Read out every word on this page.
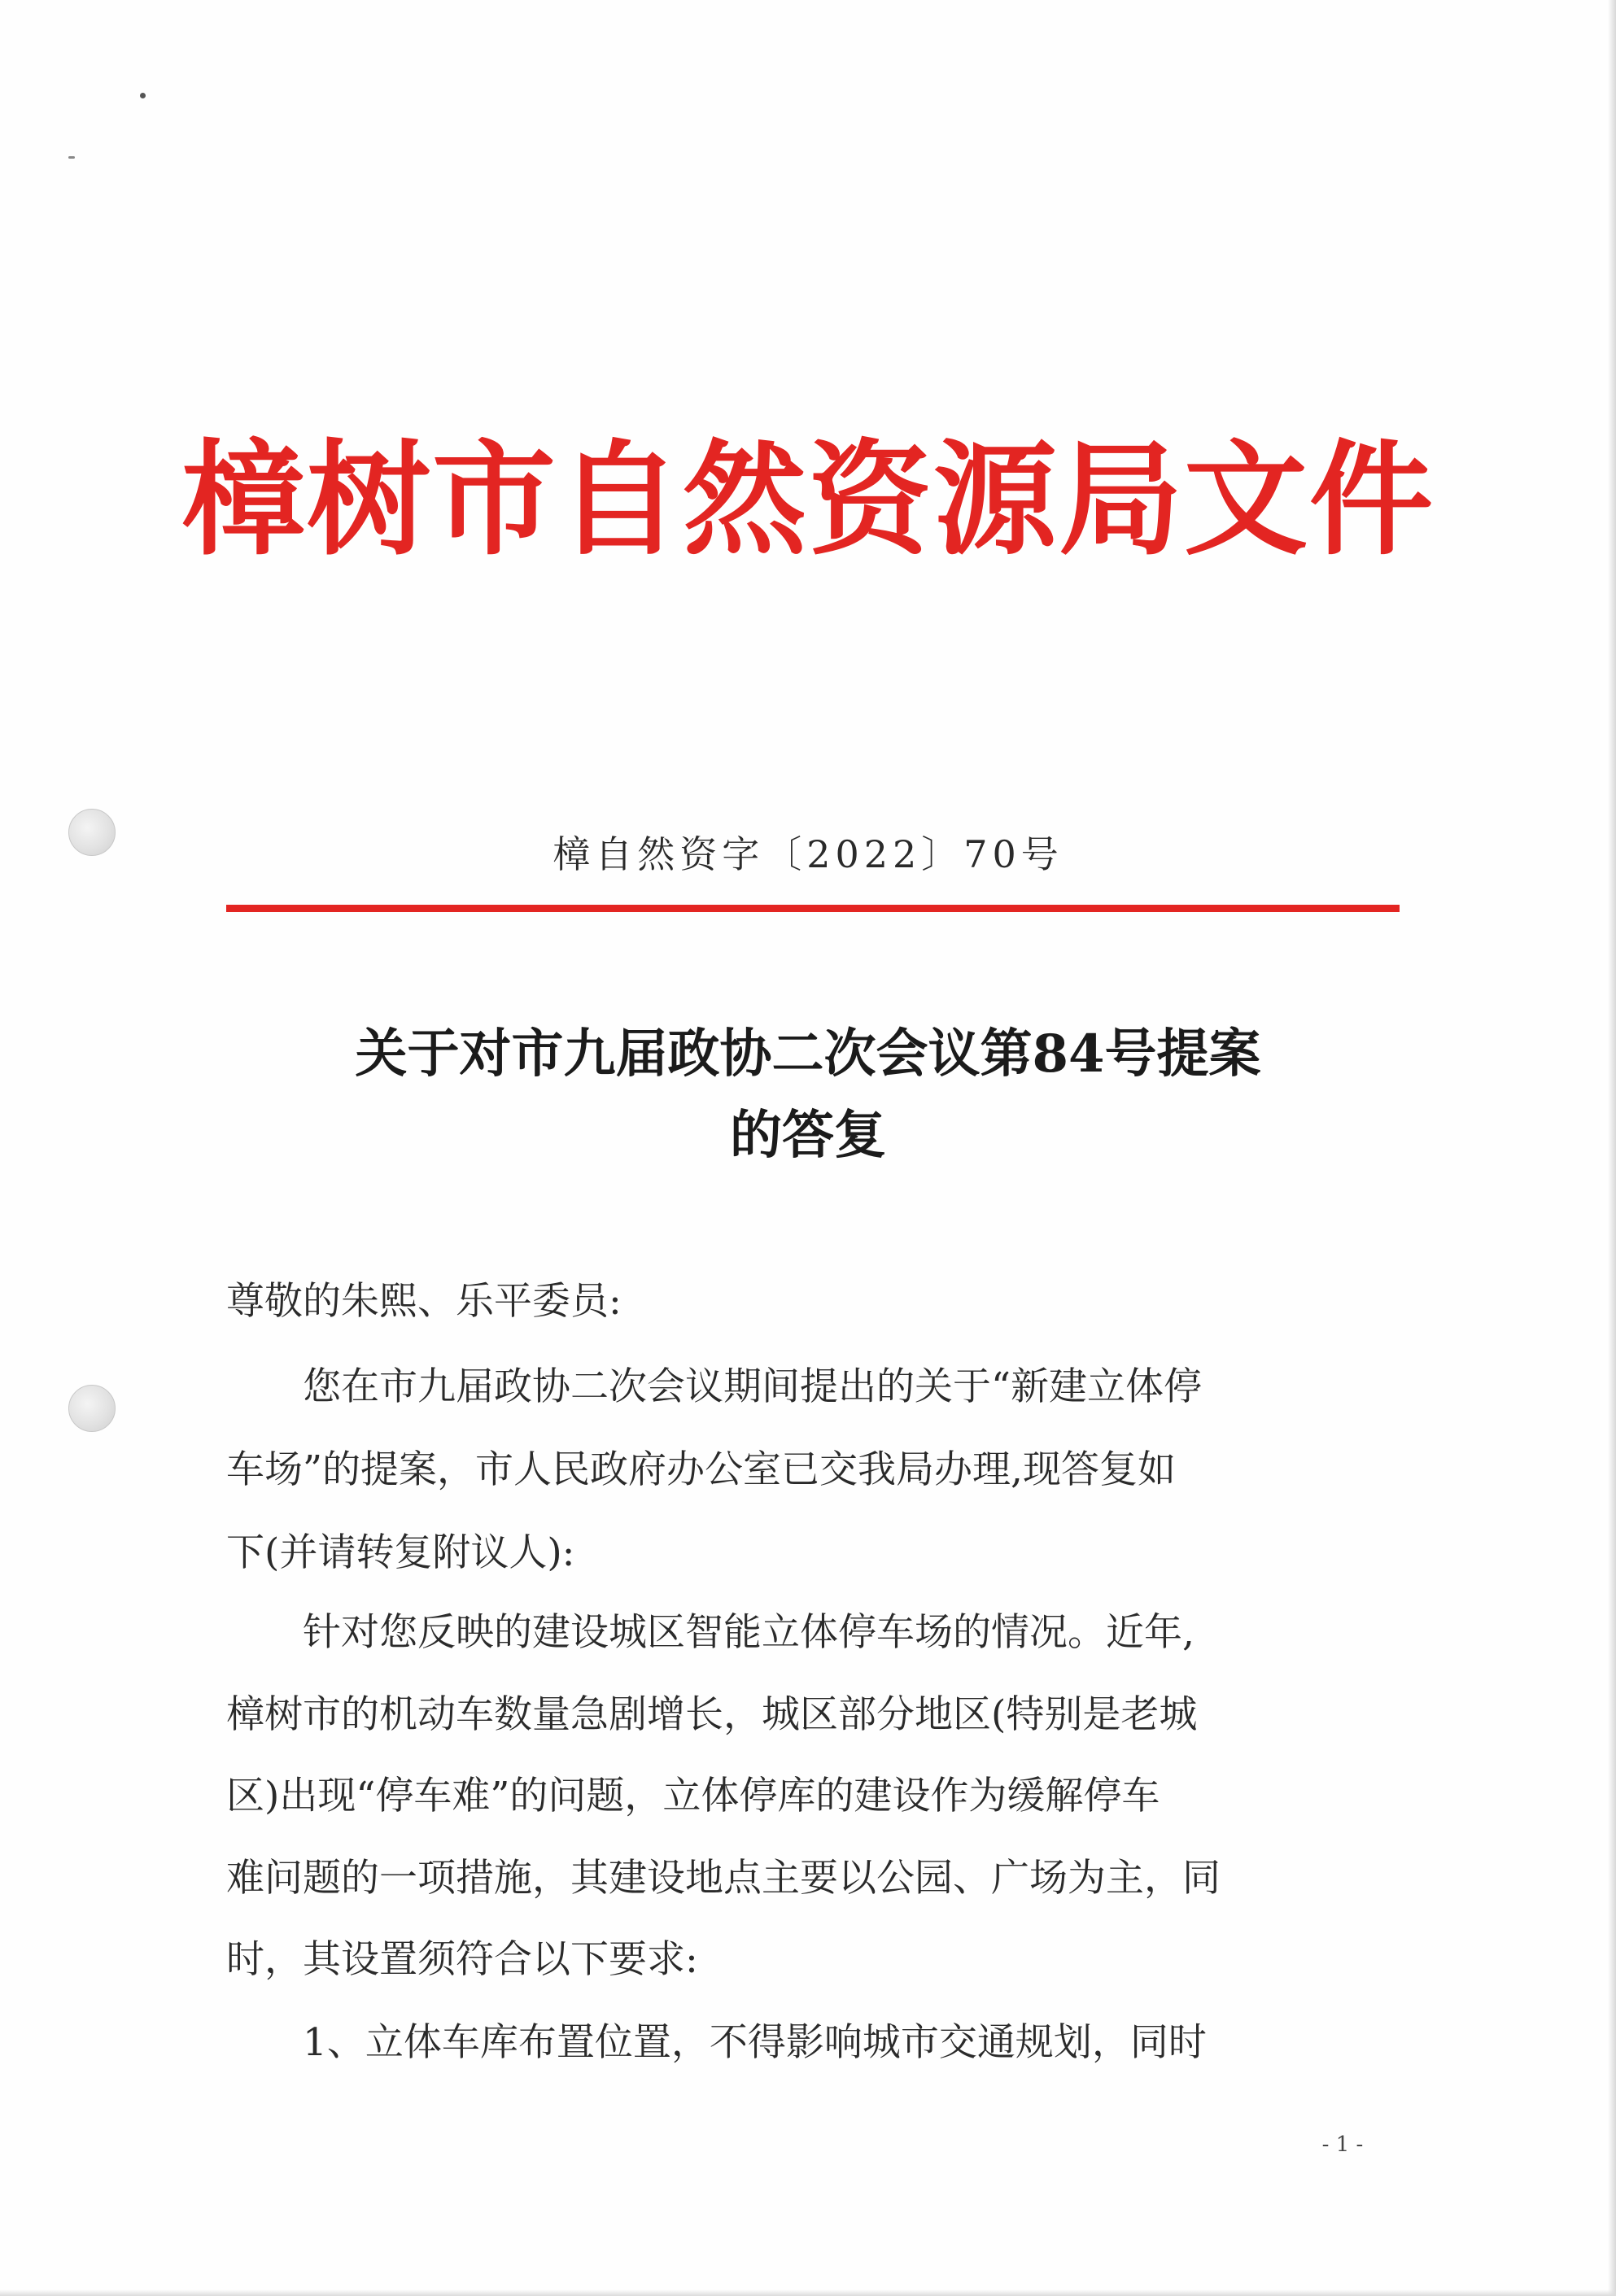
樟树市自然资源局文件
樟自然资字〔2022〕70号
关于对市九届政协二次会议第84号提案
的答复
尊敬的朱熙、乐平委员:
您在市九届政协二次会议期间提出的关于“新建立体停
车场”的提案，市人民政府办公室已交我局办理,现答复如
下(并请转复附议人):
针对您反映的建设城区智能立体停车场的情况。近年,
樟树市的机动车数量急剧增长，城区部分地区(特别是老城
区)出现“停车难”的问题，立体停库的建设作为缓解停车
难问题的一项措施，其建设地点主要以公园、广场为主，同
时，其设置须符合以下要求:
1、立体车库布置位置，不得影响城市交通规划，同时
- 1 -
